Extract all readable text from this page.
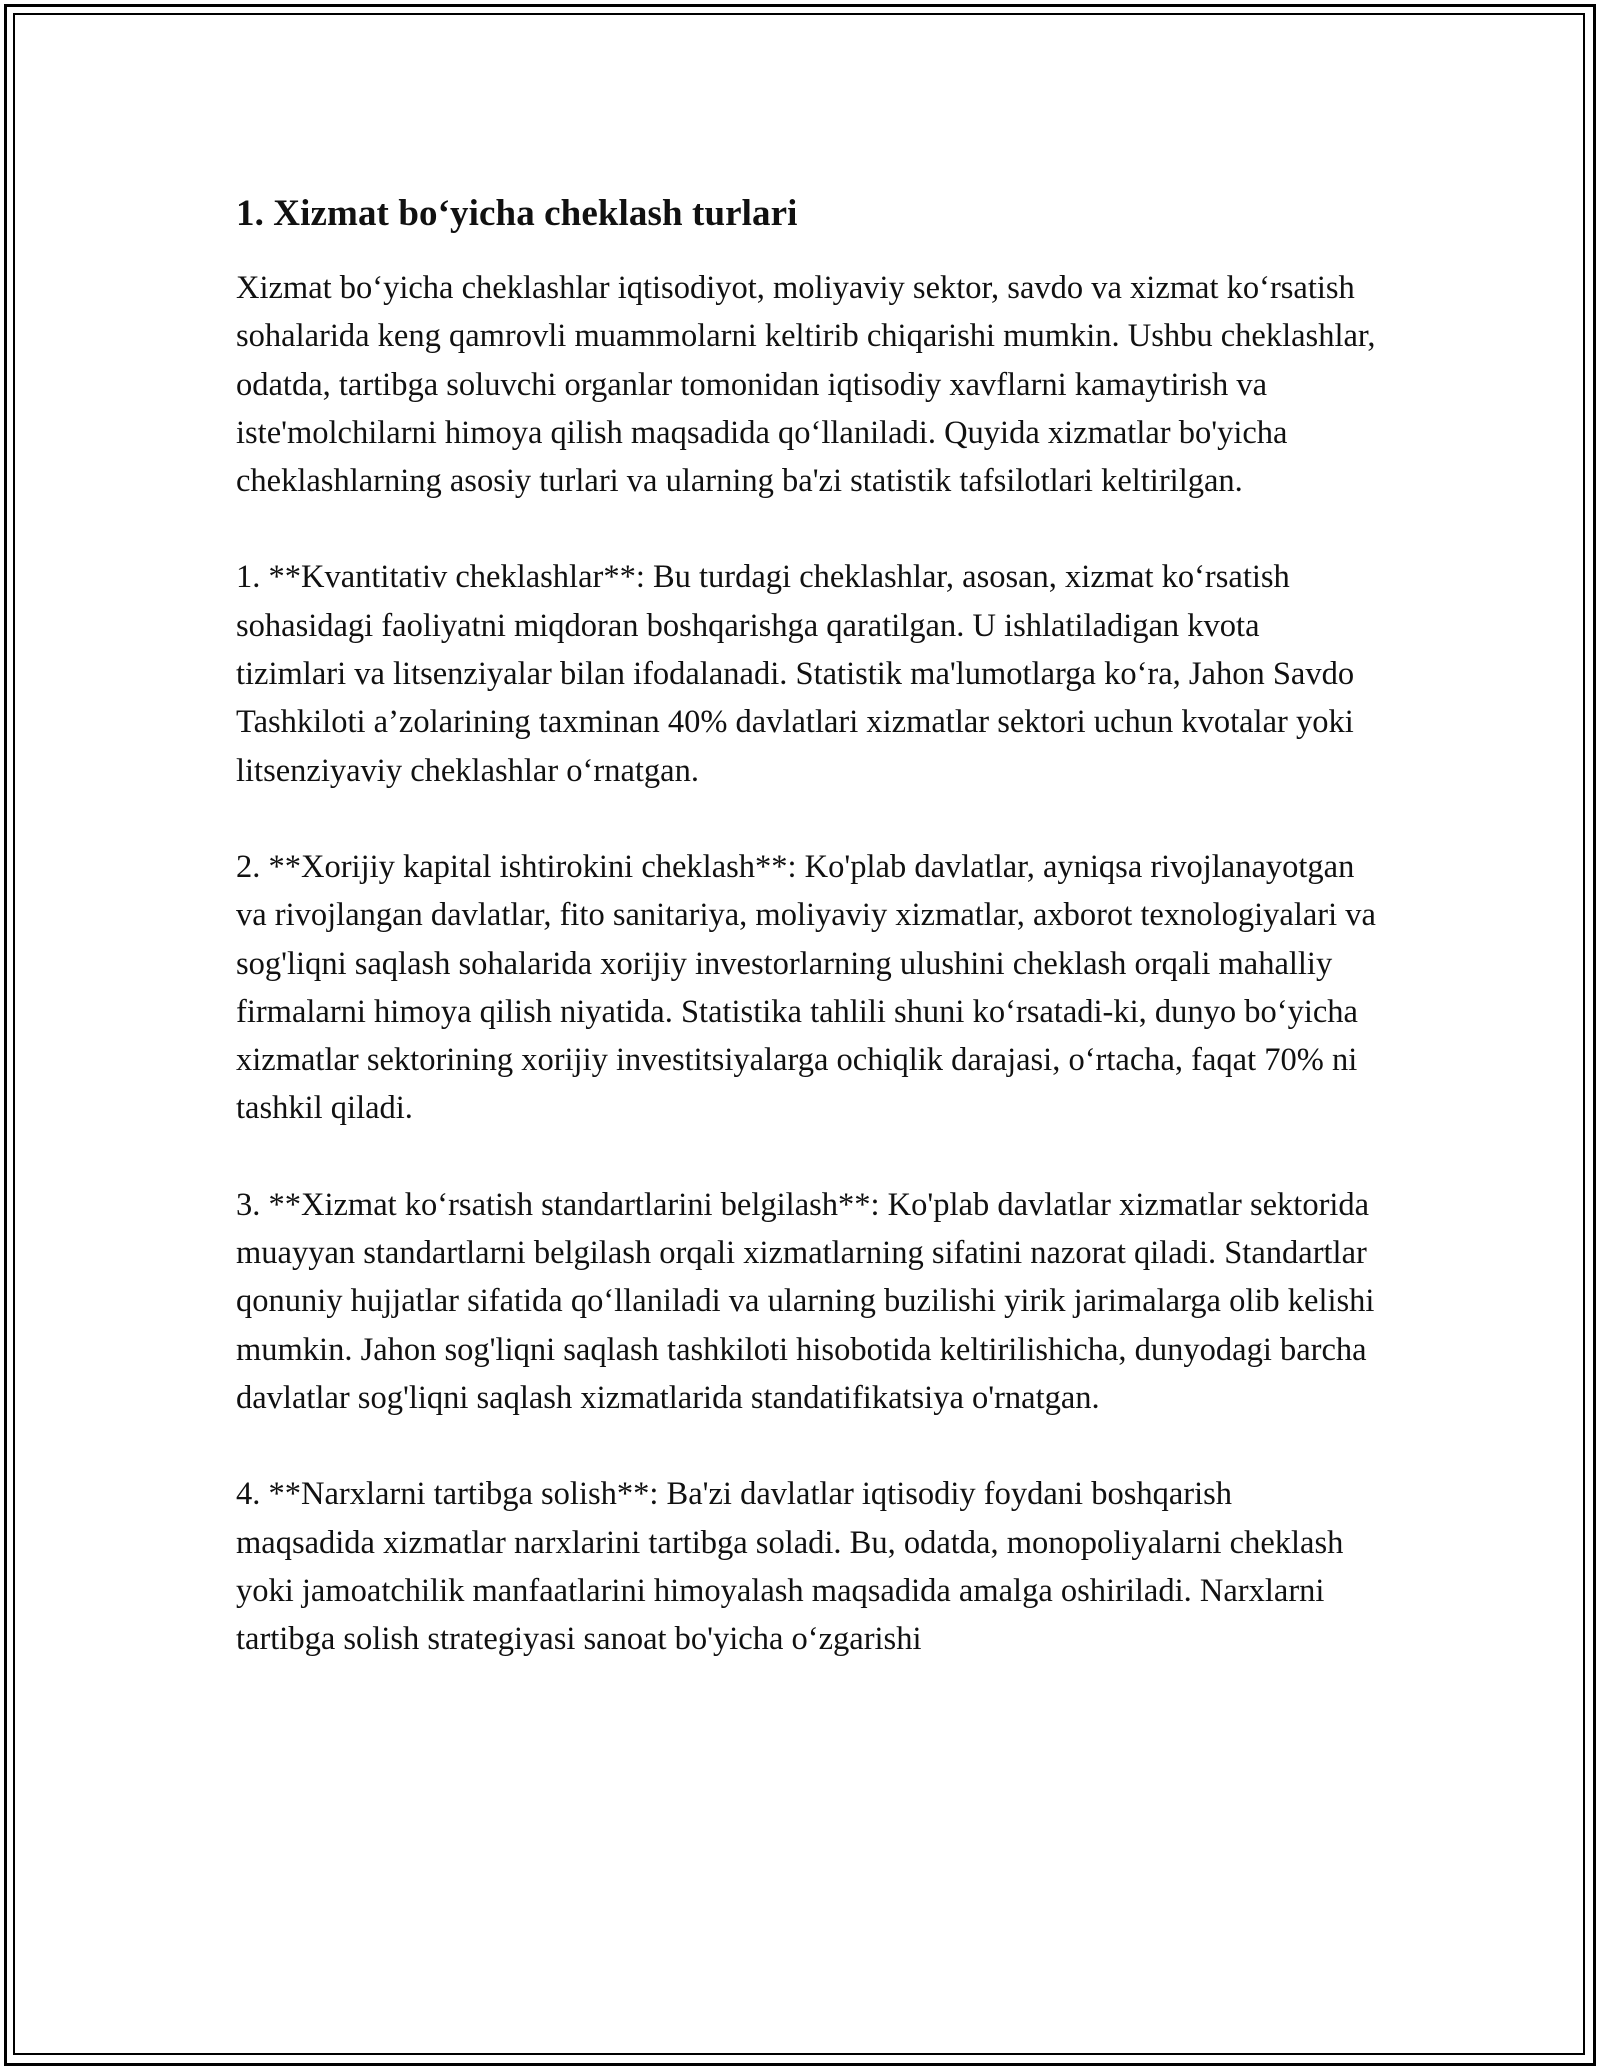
1. Xizmat bo‘yicha cheklash turlari

Xizmat bo‘yicha cheklashlar iqtisodiyot, moliyaviy sektor, savdo va xizmat ko‘rsatish sohalarida keng qamrovli muammolarni keltirib chiqarishi mumkin. Ushbu cheklashlar, odatda, tartibga soluvchi organlar tomonidan iqtisodiy xavflarni kamaytirish va iste'molchilarni himoya qilish maqsadida qo‘llaniladi. Quyida xizmatlar bo'yicha cheklashlarning asosiy turlari va ularning ba'zi statistik tafsilotlari keltirilgan.

1. **Kvantitativ cheklashlar**: Bu turdagi cheklashlar, asosan, xizmat ko‘rsatish sohasidagi faoliyatni miqdoran boshqarishga qaratilgan. U ishlatiladigan kvota tizimlari va litsenziyalar bilan ifodalanadi. Statistik ma'lumotlarga ko‘ra, Jahon Savdo Tashkiloti a’zolarining taxminan 40% davlatlari xizmatlar sektori uchun kvotalar yoki litsenziyaviy cheklashlar o‘rnatgan.

2. **Xorijiy kapital ishtirokini cheklash**: Ko'plab davlatlar, ayniqsa rivojlanayotgan va rivojlangan davlatlar, fito sanitariya, moliyaviy xizmatlar, axborot texnologiyalari va sog'liqni saqlash sohalarida xorijiy investorlarning ulushini cheklash orqali mahalliy firmalarni himoya qilish niyatida. Statistika tahlili shuni ko‘rsatadi-ki, dunyo bo‘yicha xizmatlar sektorining xorijiy investitsiyalarga ochiqlik darajasi, o‘rtacha, faqat 70% ni tashkil qiladi.

3. **Xizmat ko‘rsatish standartlarini belgilash**: Ko'plab davlatlar xizmatlar sektorida muayyan standartlarni belgilash orqali xizmatlarning sifatini nazorat qiladi. Standartlar qonuniy hujjatlar sifatida qo‘llaniladi va ularning buzilishi yirik jarimalarga olib kelishi mumkin. Jahon sog'liqni saqlash tashkiloti hisobotida keltirilishicha, dunyodagi barcha davlatlar sog'liqni saqlash xizmatlarida standatifikatsiya o'rnatgan.

4. **Narxlarni tartibga solish**: Ba'zi davlatlar iqtisodiy foydani boshqarish maqsadida xizmatlar narxlarini tartibga soladi. Bu, odatda, monopoliyalarni cheklash yoki jamoatchilik manfaatlarini himoyalash maqsadida amalga oshiriladi. Narxlarni tartibga solish strategiyasi sanoat bo'yicha o‘zgarishi
